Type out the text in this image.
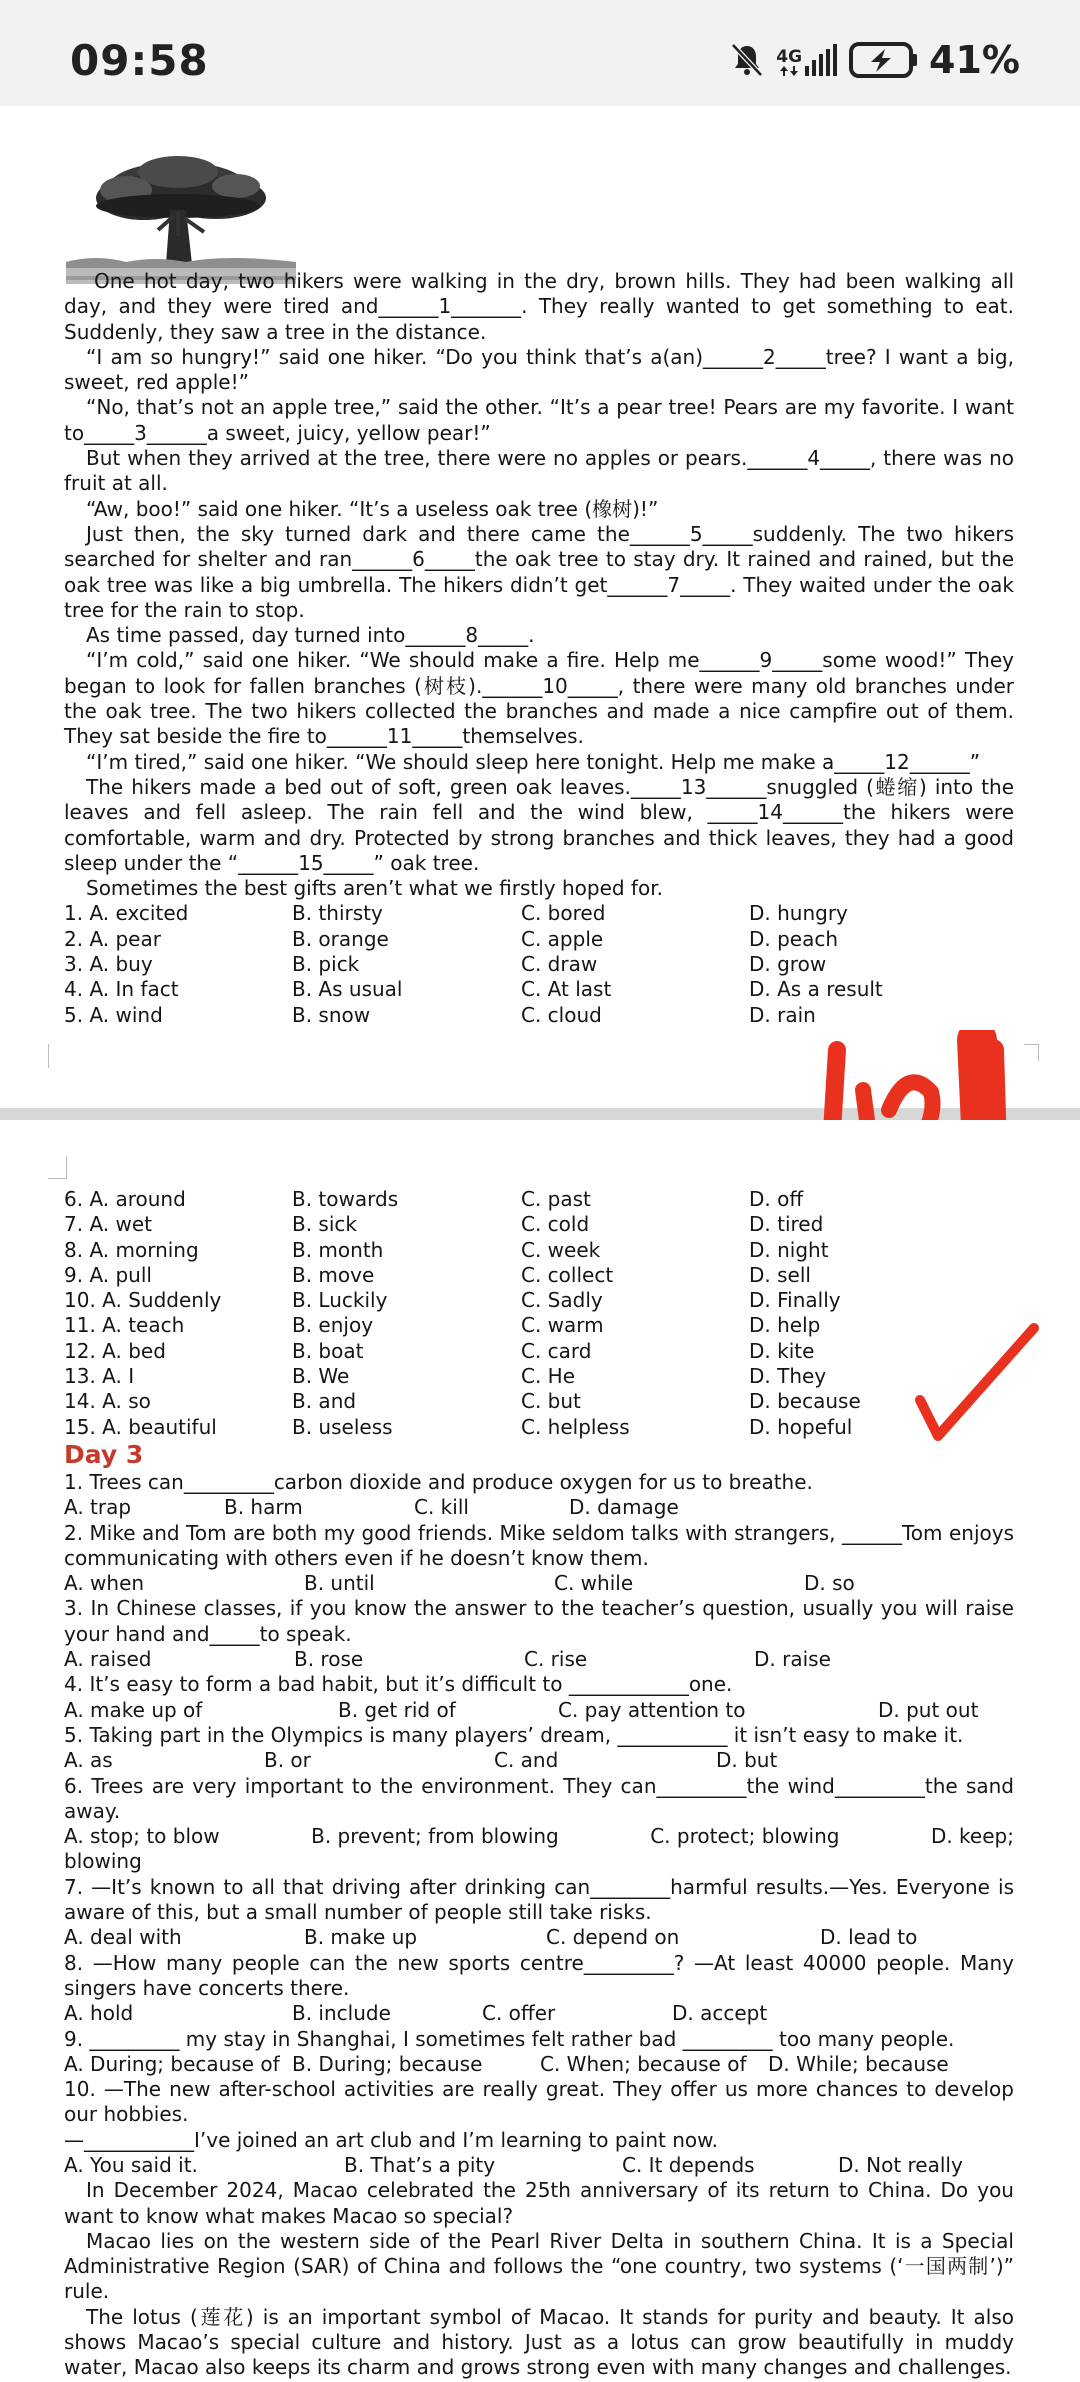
09:58	4G	41%

One hot day, two hikers were walking in the dry, brown hills. They had been walking all day, and they were tired and______1_______. They really wanted to get something to eat. Suddenly, they saw a tree in the distance.

“I am so hungry!” said one hiker. “Do you think that’s a(an)______2_____tree? I want a big, sweet, red apple!”

“No, that’s not an apple tree,” said the other. “It’s a pear tree! Pears are my favorite. I want to_____3______a sweet, juicy, yellow pear!”

But when they arrived at the tree, there were no apples or pears.______4_____, there was no fruit at all.

“Aw, boo!” said one hiker. “It’s a useless oak tree (橡树)!”

Just then, the sky turned dark and there came the______5_____suddenly. The two hikers searched for shelter and ran______6_____the oak tree to stay dry. It rained and rained, but the oak tree was like a big umbrella. The hikers didn’t get______7_____. They waited under the oak tree for the rain to stop.

As time passed, day turned into______8_____.

“I’m cold,” said one hiker. “We should make a fire. Help me______9_____some wood!” They began to look for fallen branches (树枝).______10_____, there were many old branches under the oak tree. The two hikers collected the branches and made a nice campfire out of them. They sat beside the fire to______11_____themselves.

“I’m tired,” said one hiker. “We should sleep here tonight. Help me make a_____12______”

The hikers made a bed out of soft, green oak leaves._____13______snuggled (蜷缩) into the leaves and fell asleep. The rain fell and the wind blew, _____14______the hikers were comfortable, warm and dry. Protected by strong branches and thick leaves, they had a good sleep under the “______15_____” oak tree.

Sometimes the best gifts aren’t what we firstly hoped for.

1. A. excited	B. thirsty	C. bored	D. hungry
2. A. pear	B. orange	C. apple	D. peach
3. A. buy	B. pick	C. draw	D. grow
4. A. In fact	B. As usual	C. At last	D. As a result
5. A. wind	B. snow	C. cloud	D. rain
6. A. around	B. towards	C. past	D. off
7. A. wet	B. sick	C. cold	D. tired
8. A. morning	B. month	C. week	D. night
9. A. pull	B. move	C. collect	D. sell
10. A. Suddenly	B. Luckily	C. Sadly	D. Finally
11. A. teach	B. enjoy	C. warm	D. help
12. A. bed	B. boat	C. card	D. kite
13. A. I	B. We	C. He	D. They
14. A. so	B. and	C. but	D. because
15. A. beautiful	B. useless	C. helpless	D. hopeful
Day 3

1. Trees can_________carbon dioxide and produce oxygen for us to breathe.

A. trap	B. harm	C. kill	D. damage

2. Mike and Tom are both my good friends. Mike seldom talks with strangers, ______Tom enjoys communicating with others even if he doesn’t know them.

A. when	B. until	C. while	D. so

3. In Chinese classes, if you know the answer to the teacher’s question, usually you will raise your hand and_____to speak.

A. raised	B. rose	C. rise	D. raise

4. It’s easy to form a bad habit, but it’s difficult to ____________one.

A. make up of	B. get rid of	C. pay attention to	D. put out

5. Taking part in the Olympics is many players’ dream, ___________ it isn’t easy to make it.

A. as	B. or	C. and	D. but

6. Trees are very important to the environment. They can_________the wind_________the sand away.

A. stop; to blow	B. prevent; from blowing	C. protect; blowing	D. keep;

blowing

7. —It’s known to all that driving after drinking can________harmful results.—Yes. Everyone is aware of this, but a small number of people still take risks.

A. deal with	B. make up	C. depend on	D. lead to

8. —How many people can the new sports centre_________? —At least 40000 people. Many singers have concerts there.

A. hold	B. include	C. offer	D. accept

9. _________ my stay in Shanghai, I sometimes felt rather bad _________ too many people.

A. During; because of B. During; because	C. When; because of	D. While; because

10. —The new after-school activities are really great. They offer us more chances to develop our hobbies.

—___________I’ve joined an art club and I’m learning to paint now.

A. You said it.	B. That’s a pity	C. It depends	D. Not really

In December 2024, Macao celebrated the 25th anniversary of its return to China. Do you want to know what makes Macao so special?

Macao lies on the western side of the Pearl River Delta in southern China. It is a Special Administrative Region (SAR) of China and follows the “one country, two systems (‘一国两制’)” rule.

The lotus (莲花) is an important symbol of Macao. It stands for purity and beauty. It also shows Macao’s special culture and history. Just as a lotus can grow beautifully in muddy water, Macao also keeps its charm and grows strong even with many changes and challenges.
